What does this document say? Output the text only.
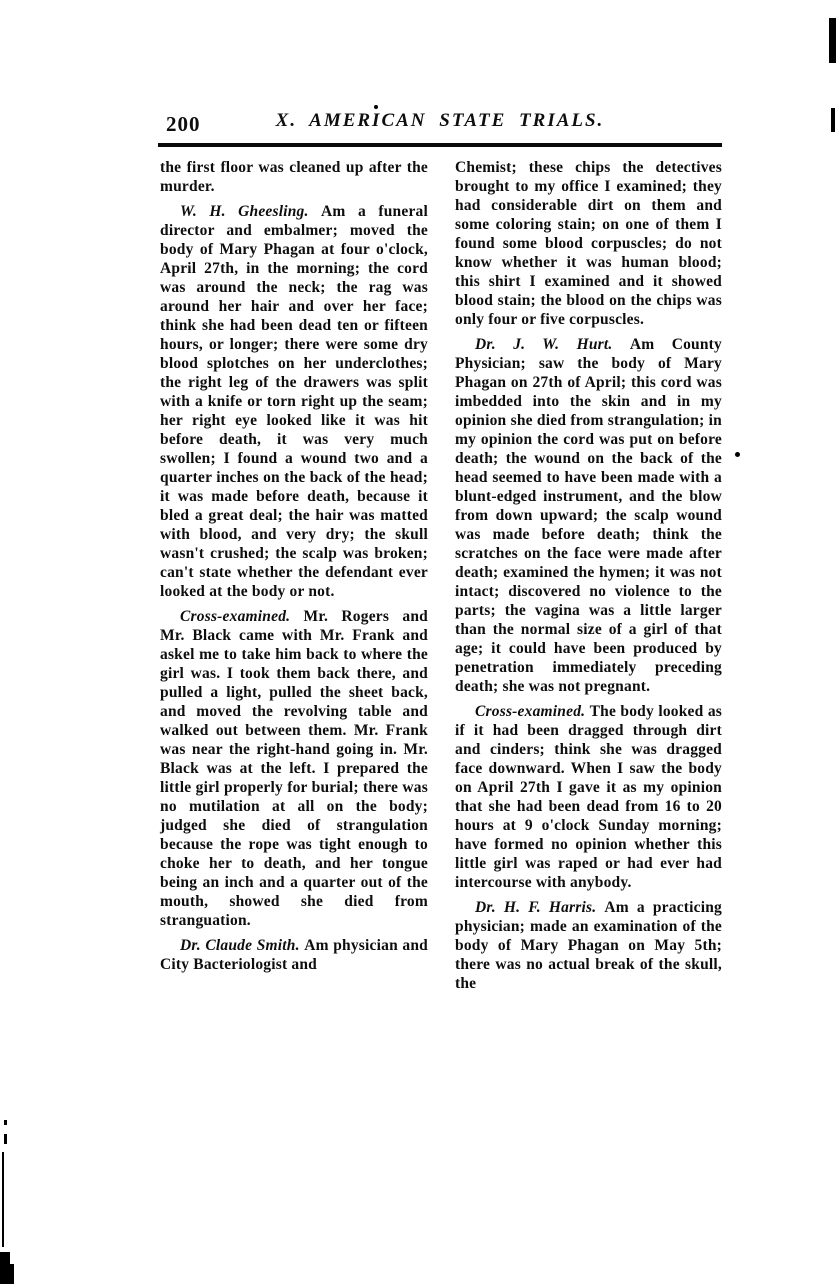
200	X. AMERICAN STATE TRIALS.

the first floor was cleaned up after the murder.

W. H. Gheesling. Am a funeral director and embalmer; moved the body of Mary Phagan at four o'clock, April 27th, in the morning; the cord was around the neck; the rag was around her hair and over her face; think she had been dead ten or fifteen hours, or longer; there were some dry blood splotches on her underclothes; the right leg of the drawers was split with a knife or torn right up the seam; her right eye looked like it was hit before death, it was very much swollen; I found a wound two and a quarter inches on the back of the head; it was made before death, because it bled a great deal; the hair was matted with blood, and very dry; the skull wasn't crushed; the scalp was broken; can't state whether the defendant ever looked at the body or not.

Cross-examined. Mr. Rogers and Mr. Black came with Mr. Frank and askel me to take him back to where the girl was. I took them back there, and pulled a light, pulled the sheet back, and moved the revolving table and walked out between them. Mr. Frank was near the right-hand going in. Mr. Black was at the left. I prepared the little girl properly for burial; there was no mutilation at all on the body; judged she died of strangulation because the rope was tight enough to choke her to death, and her tongue being an inch and a quarter out of the mouth, showed she died from stranguation.

Dr. Claude Smith. Am physician and City Bacteriologist and

Chemist; these chips the detectives brought to my office I examined; they had considerable dirt on them and some coloring stain; on one of them I found some blood corpuscles; do not know whether it was human blood; this shirt I examined and it showed blood stain; the blood on the chips was only four or five corpuscles.

Dr. J. W. Hurt. Am County Physician; saw the body of Mary Phagan on 27th of April; this cord was imbedded into the skin and in my opinion she died from strangulation; in my opinion the cord was put on before death; the wound on the back of the head seemed to have been made with a blunt-edged instrument, and the blow from down upward; the scalp wound was made before death; think the scratches on the face were made after death; examined the hymen; it was not intact; discovered no violence to the parts; the vagina was a little larger than the normal size of a girl of that age; it could have been produced by penetration immediately preceding death; she was not pregnant.

Cross-examined. The body looked as if it had been dragged through dirt and cinders; think she was dragged face downward. When I saw the body on April 27th I gave it as my opinion that she had been dead from 16 to 20 hours at 9 o'clock Sunday morning; have formed no opinion whether this little girl was raped or had ever had intercourse with anybody.

Dr. H. F. Harris. Am a practicing physician; made an examination of the body of Mary Phagan on May 5th; there was no actual break of the skull, the
